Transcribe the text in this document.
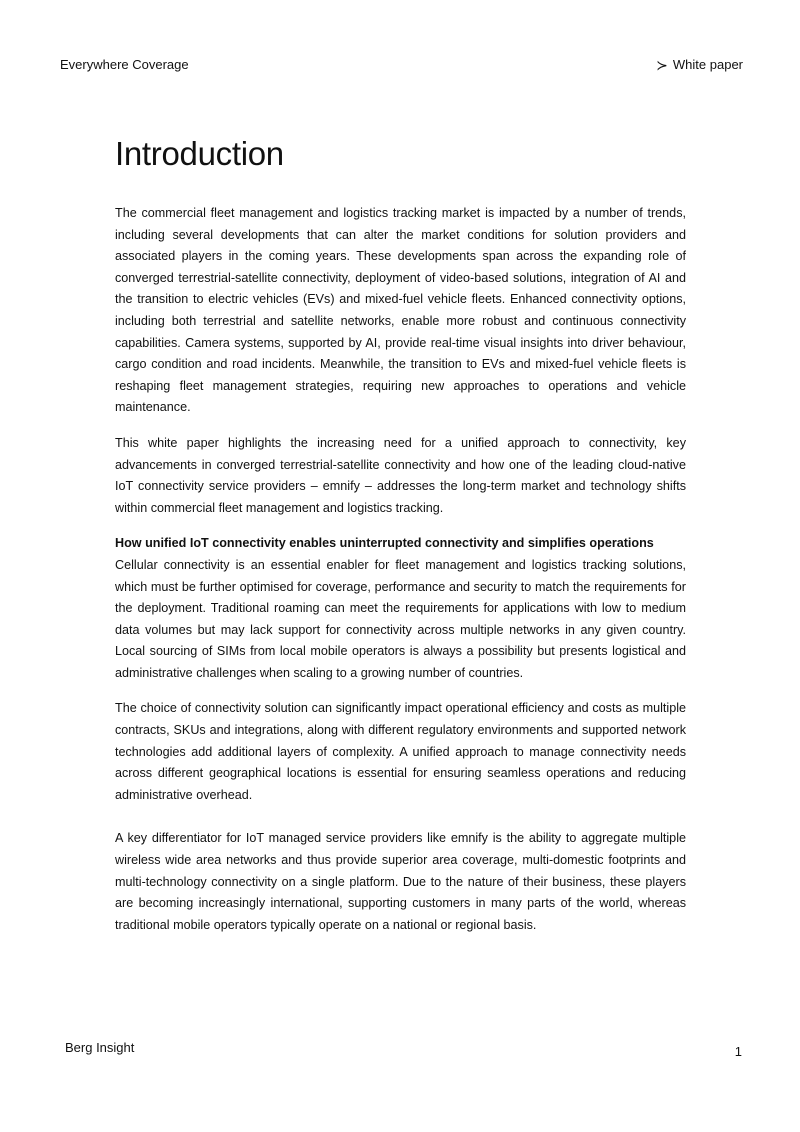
Everywhere Coverage	≻ White paper
Introduction

The commercial fleet management and logistics tracking market is impacted by a number of trends, including several developments that can alter the market conditions for solution providers and associated players in the coming years. These developments span across the expanding role of converged terrestrial-satellite connectivity, deployment of video-based solutions, integration of AI and the transition to electric vehicles (EVs) and mixed-fuel vehicle fleets. Enhanced connectivity options, including both terrestrial and satellite networks, enable more robust and continuous connectivity capabilities. Camera systems, supported by AI, provide real-time visual insights into driver behaviour, cargo condition and road incidents. Meanwhile, the transition to EVs and mixed-fuel vehicle fleets is reshaping fleet management strategies, requiring new approaches to operations and vehicle maintenance.

This white paper highlights the increasing need for a unified approach to connectivity, key advancements in converged terrestrial-satellite connectivity and how one of the leading cloud-native IoT connectivity service providers – emnify – addresses the long-term market and technology shifts within commercial fleet management and logistics tracking.

How unified IoT connectivity enables uninterrupted connectivity and simplifies operations
Cellular connectivity is an essential enabler for fleet management and logistics tracking solutions, which must be further optimised for coverage, performance and security to match the requirements for the deployment. Traditional roaming can meet the requirements for applications with low to medium data volumes but may lack support for connectivity across multiple networks in any given country. Local sourcing of SIMs from local mobile operators is always a possibility but presents logistical and administrative challenges when scaling to a growing number of countries.

The choice of connectivity solution can significantly impact operational efficiency and costs as multiple contracts, SKUs and integrations, along with different regulatory environments and supported network technologies add additional layers of complexity. A unified approach to manage connectivity needs across different geographical locations is essential for ensuring seamless operations and reducing administrative overhead.

A key differentiator for IoT managed service providers like emnify is the ability to aggregate multiple wireless wide area networks and thus provide superior area coverage, multi-domestic footprints and multi-technology connectivity on a single platform. Due to the nature of their business, these players are becoming increasingly international, supporting customers in many parts of the world, whereas traditional mobile operators typically operate on a national or regional basis.

Berg Insight	1
